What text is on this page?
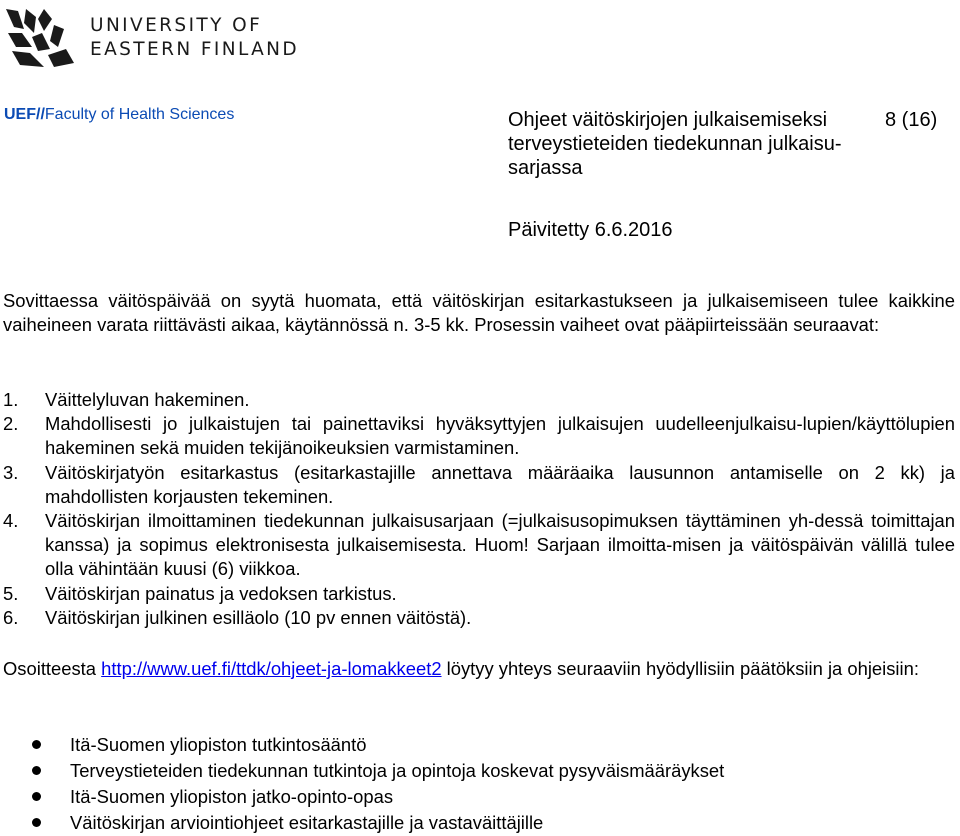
UNIVERSITY OF
EASTERN FINLAND
UEF//Faculty of Health Sciences	Ohjeet väitöskirjojen julkaisemiseksi terveystieteiden tiedekunnan julkaisu-sarjassa
8 (16)
Päivitetty 6.6.2016
Sovittaessa väitöspäivää on syytä huomata, että väitöskirjan esitarkastukseen ja julkaisemiseen tulee kaikkine vaiheineen varata riittävästi aikaa, käytännössä n. 3-5 kk. Prosessin vaiheet ovat pääpiirteissään seuraavat:
1. Väittelyluvan hakeminen.
2. Mahdollisesti jo julkaistujen tai painettaviksi hyväksyttyjen julkaisujen uudelleenjulkaisu-lupien/käyttölupien hakeminen sekä muiden tekijänoikeuksien varmistaminen.
3. Väitöskirjatyön esitarkastus (esitarkastajille annettava määräaika lausunnon antamiselle on 2 kk) ja mahdollisten korjausten tekeminen.
4. Väitöskirjan ilmoittaminen tiedekunnan julkaisusarjaan (=julkaisusopimuksen täyttäminen yh-dessä toimittajan kanssa) ja sopimus elektronisesta julkaisemisesta. Huom! Sarjaan ilmoitta-misen ja väitöspäivän välillä tulee olla vähintään kuusi (6) viikkoa.
5. Väitöskirjan painatus ja vedoksen tarkistus.
6. Väitöskirjan julkinen esilläolo (10 pv ennen väitöstä).
Osoitteesta http://www.uef.fi/ttdk/ohjeet-ja-lomakkeet2 löytyy yhteys seuraaviin hyödyllisiin päätöksiin ja ohjeisiin:
Itä-Suomen yliopiston tutkintosääntö
Terveystieteiden tiedekunnan tutkintoja ja opintoja koskevat pysyväismääräykset
Itä-Suomen yliopiston jatko-opinto-opas
Väitöskirjan arviointiohjeet esitarkastajille ja vastaväittäjille
